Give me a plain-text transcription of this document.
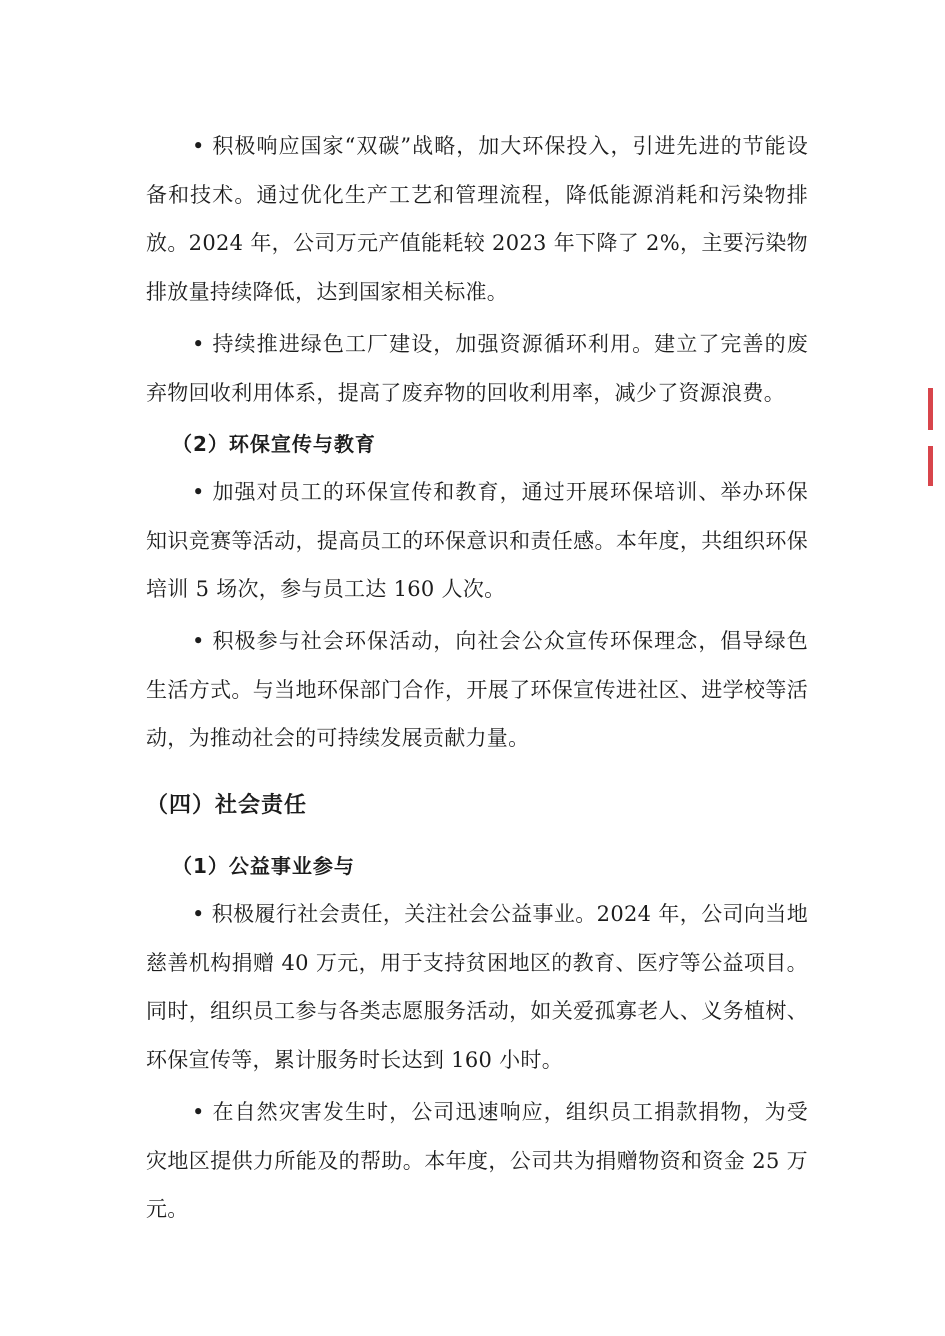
• 积极响应国家“双碳”战略，加大环保投入，引进先进的节能设备和技术。通过优化生产工艺和管理流程，降低能源消耗和污染物排放。2024 年，公司万元产值能耗较 2023 年下降了 2%，主要污染物排放量持续降低，达到国家相关标准。

• 持续推进绿色工厂建设，加强资源循环利用。建立了完善的废弃物回收利用体系，提高了废弃物的回收利用率，减少了资源浪费。

（2）环保宣传与教育

• 加强对员工的环保宣传和教育，通过开展环保培训、举办环保知识竞赛等活动，提高员工的环保意识和责任感。本年度，共组织环保培训 5 场次，参与员工达 160 人次。

• 积极参与社会环保活动，向社会公众宣传环保理念，倡导绿色生活方式。与当地环保部门合作，开展了环保宣传进社区、进学校等活动，为推动社会的可持续发展贡献力量。

（四）社会责任
（1）公益事业参与

• 积极履行社会责任，关注社会公益事业。2024 年，公司向当地慈善机构捐赠 40 万元，用于支持贫困地区的教育、医疗等公益项目。同时，组织员工参与各类志愿服务活动，如关爱孤寡老人、义务植树、环保宣传等，累计服务时长达到 160 小时。

• 在自然灾害发生时，公司迅速响应，组织员工捐款捐物，为受灾地区提供力所能及的帮助。本年度，公司共为捐赠物资和资金 25 万元。
